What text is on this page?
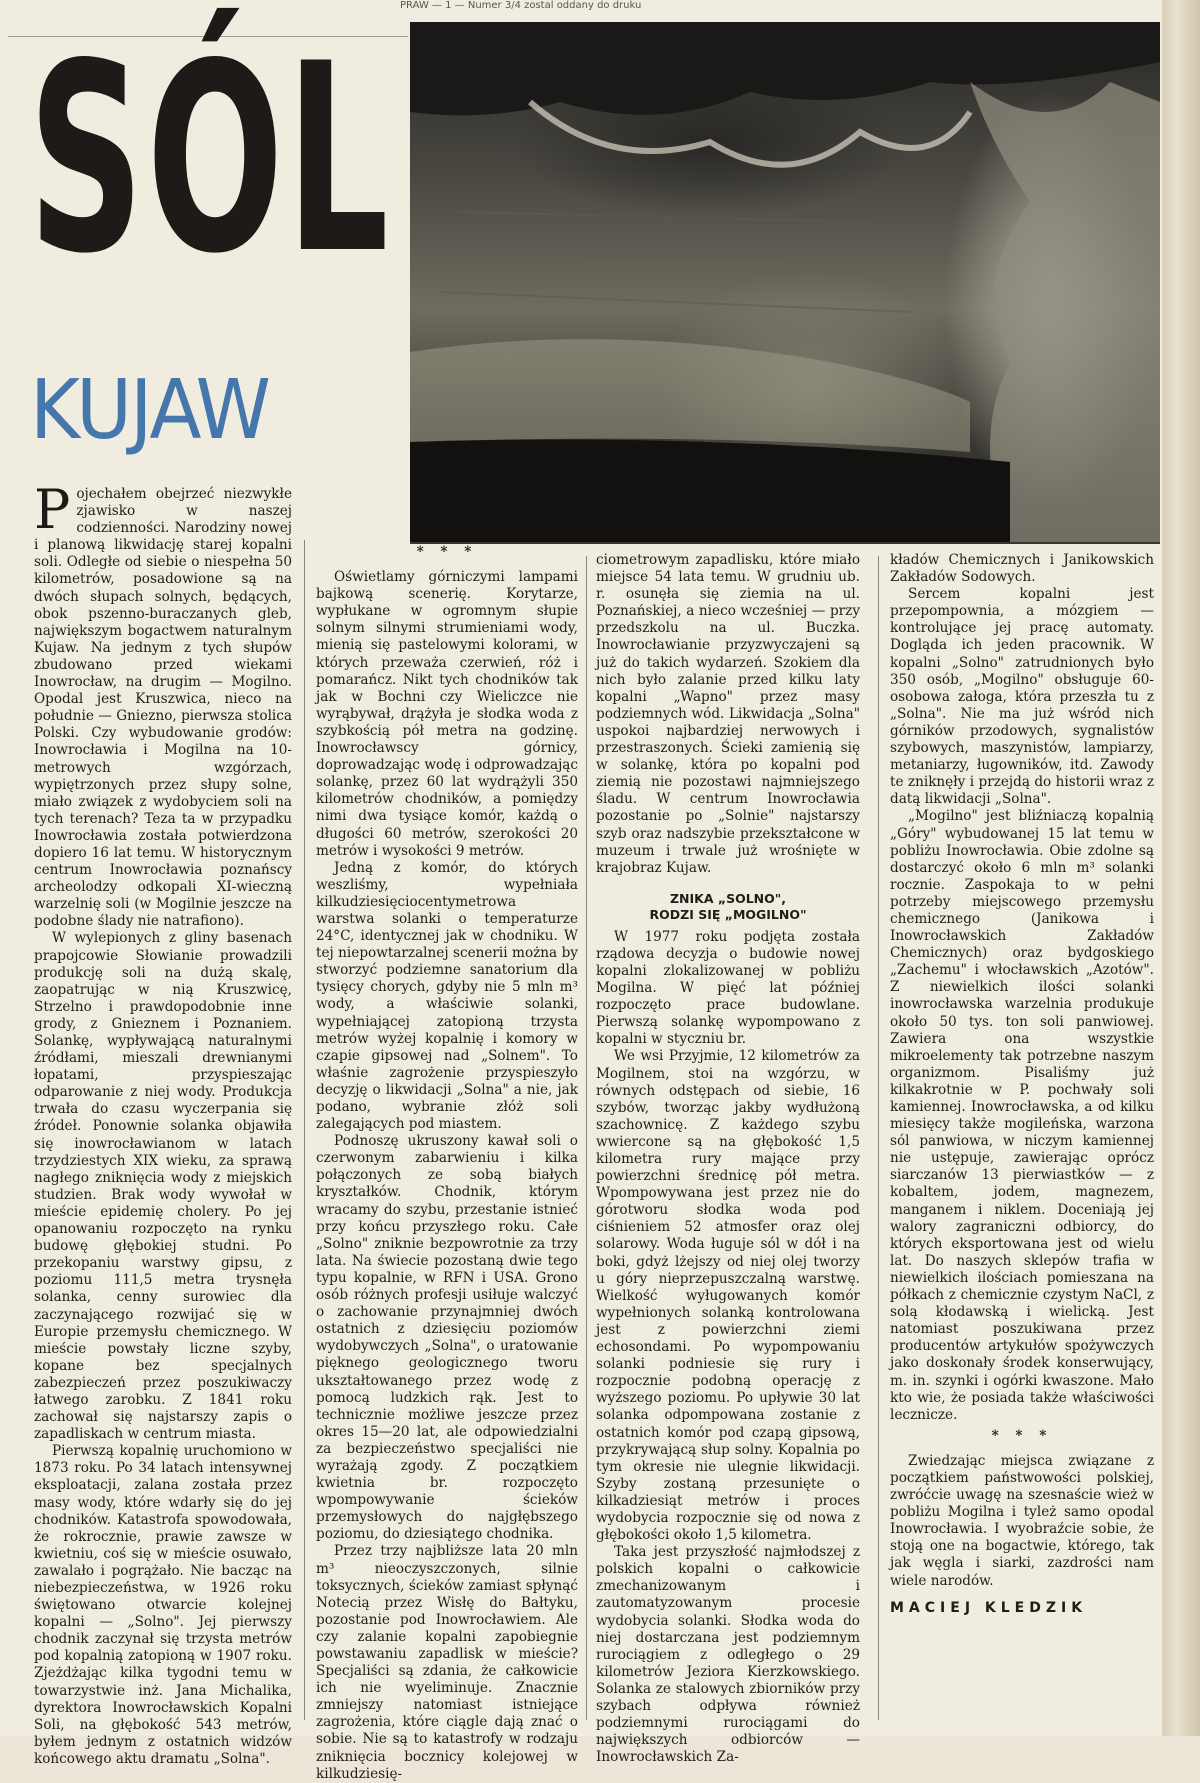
PRAW — 1 — Numer 3/4 zostal oddany do druku
SÓL
KUJAW

Pojechałem obejrzeć niezwykłe zjawisko w naszej codzienności. Narodziny nowej i planową likwidację starej kopalni soli. Odległe od siebie o niespełna 50 kilometrów, posadowione są na dwóch słupach solnych, będących, obok pszenno-buraczanych gleb, największym bogactwem naturalnym Kujaw. Na jednym z tych słupów zbudowano przed wiekami Inowrocław, na drugim — Mogilno. Opodal jest Kruszwica, nieco na południe — Gniezno, pierwsza stolica Polski. Czy wybudowanie grodów: Inowrocławia i Mogilna na 10-metrowych wzgórzach, wypiętrzonych przez słupy solne, miało związek z wydobyciem soli na tych terenach? Teza ta w przypadku Inowrocławia została potwierdzona dopiero 16 lat temu. W historycznym centrum Inowrocławia poznańscy archeolodzy odkopali XI-wieczną warzelnię soli (w Mogilnie jeszcze na podobne ślady nie natrafiono).

W wylepionych z gliny basenach prapojcowie Słowianie prowadzili produkcję soli na dużą skalę, zaopatrując w nią Kruszwicę, Strzelno i prawdopodobnie inne grody, z Gnieznem i Poznaniem. Solankę, wypływającą naturalnymi źródłami, mieszali drewnianymi łopatami, przyspieszając odparowanie z niej wody. Produkcja trwała do czasu wyczerpania się źródeł. Ponownie solanka objawiła się inowrocławianom w latach trzydziestych XIX wieku, za sprawą nagłego zniknięcia wody z miejskich studzien. Brak wody wywołał w mieście epidemię cholery. Po jej opanowaniu rozpoczęto na rynku budowę głębokiej studni. Po przekopaniu warstwy gipsu, z poziomu 111,5 metra trysnęła solanka, cenny surowiec dla zaczynającego rozwijać się w Europie przemysłu chemicznego. W mieście powstały liczne szyby, kopane bez specjalnych zabezpieczeń przez poszukiwaczy łatwego zarobku. Z 1841 roku zachował się najstarszy zapis o zapadliskach w centrum miasta.

Pierwszą kopalnię uruchomiono w 1873 roku. Po 34 latach intensywnej eksploatacji, zalana została przez masy wody, które wdarły się do jej chodników. Katastrofa spowodowała, że rokrocznie, prawie zawsze w kwietniu, coś się w mieście osuwało, zawalało i pogrążało. Nie bacząc na niebezpieczeństwa, w 1926 roku świętowano otwarcie kolejnej kopalni — „Solno". Jej pierwszy chodnik zaczynał się trzysta metrów pod kopalnią zatopioną w 1907 roku. Zjeżdżając kilka tygodni temu w towarzystwie inż. Jana Michalika, dyrektora Inowrocławskich Kopalni Soli, na głębokość 543 metrów, byłem jednym z ostatnich widzów końcowego aktu dramatu „Solna".

* * *

Oświetlamy górniczymi lampami bajkową scenerię. Korytarze, wypłukane w ogromnym słupie solnym silnymi strumieniami wody, mienią się pastelowymi kolorami, w których przeważa czerwień, róż i pomarańcz. Nikt tych chodników tak jak w Bochni czy Wieliczce nie wyrąbywał, drążyła je słodka woda z szybkością pół metra na godzinę. Inowrocławscy górnicy, doprowadzając wodę i odprowadzając solankę, przez 60 lat wydrążyli 350 kilometrów chodników, a pomiędzy nimi dwa tysiące komór, każdą o długości 60 metrów, szerokości 20 metrów i wysokości 9 metrów.

Jedną z komór, do których weszliśmy, wypełniała kilkudziesięciocentymetrowa warstwa solanki o temperaturze 24°C, identycznej jak w chodniku. W tej niepowtarzalnej scenerii można by stworzyć podziemne sanatorium dla tysięcy chorych, gdyby nie 5 mln m³ wody, a właściwie solanki, wypełniającej zatopioną trzysta metrów wyżej kopalnię i komory w czapie gipsowej nad „Solnem". To właśnie zagrożenie przyspieszyło decyzję o likwidacji „Solna" a nie, jak podano, wybranie złóż soli zalegających pod miastem.

Podnoszę ukruszony kawał soli o czerwonym zabarwieniu i kilka połączonych ze sobą białych kryształków. Chodnik, którym wracamy do szybu, przestanie istnieć przy końcu przyszłego roku. Całe „Solno" zniknie bezpowrotnie za trzy lata. Na świecie pozostaną dwie tego typu kopalnie, w RFN i USA. Grono osób różnych profesji usiłuje walczyć o zachowanie przynajmniej dwóch ostatnich z dziesięciu poziomów wydobywczych „Solna", o uratowanie pięknego geologicznego tworu ukształtowanego przez wodę z pomocą ludzkich rąk. Jest to technicznie możliwe jeszcze przez okres 15—20 lat, ale odpowiedzialni za bezpieczeństwo specjaliści nie wyrażają zgody. Z początkiem kwietnia br. rozpoczęto wpompowywanie ścieków przemysłowych do najgłębszego poziomu, do dziesiątego chodnika.

Przez trzy najbliższe lata 20 mln m³ nieoczyszczonych, silnie toksycznych, ścieków zamiast spłynąć Notecią przez Wisłę do Bałtyku, pozostanie pod Inowrocławiem. Ale czy zalanie kopalni zapobiegnie powstawaniu zapadlisk w mieście? Specjaliści są zdania, że całkowicie ich nie wyeliminuje. Znacznie zmniejszy natomiast istniejące zagrożenia, które ciągle dają znać o sobie. Nie są to katastrofy w rodzaju zniknięcia bocznicy kolejowej w kilkudziesię-

ciometrowym zapadlisku, które miało miejsce 54 lata temu. W grudniu ub. r. osunęła się ziemia na ul. Poznańskiej, a nieco wcześniej — przy przedszkolu na ul. Buczka. Inowrocławianie przyzwyczajeni są już do takich wydarzeń. Szokiem dla nich było zalanie przed kilku laty kopalni „Wapno" przez masy podziemnych wód. Likwidacja „Solna" uspokoi najbardziej nerwowych i przestraszonych. Ścieki zamienią się w solankę, która po kopalni pod ziemią nie pozostawi najmniejszego śladu. W centrum Inowrocławia pozostanie po „Solnie" najstarszy szyb oraz nadszybie przekształcone w muzeum i trwale już wrośnięte w krajobraz Kujaw.

ZNIKA „SOLNO",
RODZI SIĘ „MOGILNO"

W 1977 roku podjęta została rządowa decyzja o budowie nowej kopalni zlokalizowanej w pobliżu Mogilna. W pięć lat później rozpoczęto prace budowlane. Pierwszą solankę wypompowano z kopalni w styczniu br.

We wsi Przyjmie, 12 kilometrów za Mogilnem, stoi na wzgórzu, w równych odstępach od siebie, 16 szybów, tworząc jakby wydłużoną szachownicę. Z każdego szybu wwiercone są na głębokość 1,5 kilometra rury mające przy powierzchni średnicę pół metra. Wpompowywana jest przez nie do górotworu słodka woda pod ciśnieniem 52 atmosfer oraz olej solarowy. Woda ługuje sól w dół i na boki, gdyż lżejszy od niej olej tworzy u góry nieprzepuszczalną warstwę. Wielkość wyługowanych komór wypełnionych solanką kontrolowana jest z powierzchni ziemi echosondami. Po wypompowaniu solanki podniesie się rury i rozpocznie podobną operację z wyższego poziomu. Po upływie 30 lat solanka odpompowana zostanie z ostatnich komór pod czapą gipsową, przykrywającą słup solny. Kopalnia po tym okresie nie ulegnie likwidacji. Szyby zostaną przesunięte o kilkadziesiąt metrów i proces wydobycia rozpocznie się od nowa z głębokości około 1,5 kilometra.

Taka jest przyszłość najmłodszej z polskich kopalni o całkowicie zmechanizowanym i zautomatyzowanym procesie wydobycia solanki. Słodka woda do niej dostarczana jest podziemnym rurociągiem z odległego o 29 kilometrów Jeziora Kierzkowskiego. Solanka ze stalowych zbiorników przy szybach odpływa również podziemnymi rurociągami do największych odbiorców — Inowrocławskich Za-

kładów Chemicznych i Janikowskich Zakładów Sodowych.

Sercem kopalni jest przepompownia, a mózgiem — kontrolujące jej pracę automaty. Dogląda ich jeden pracownik. W kopalni „Solno" zatrudnionych było 350 osób, „Mogilno" obsługuje 60-osobowa załoga, która przeszła tu z „Solna". Nie ma już wśród nich górników przodowych, sygnalistów szybowych, maszynistów, lampiarzy, metaniarzy, ługowników, itd. Zawody te zniknęły i przejdą do historii wraz z datą likwidacji „Solna".

„Mogilno" jest bliźniaczą kopalnią „Góry" wybudowanej 15 lat temu w pobliżu Inowrocławia. Obie zdolne są dostarczyć około 6 mln m³ solanki rocznie. Zaspokaja to w pełni potrzeby miejscowego przemysłu chemicznego (Janikowa i Inowrocławskich Zakładów Chemicznych) oraz bydgoskiego „Zachemu" i włocławskich „Azotów". Z niewielkich ilości solanki inowrocławska warzelnia produkuje około 50 tys. ton soli panwiowej. Zawiera ona wszystkie mikroelementy tak potrzebne naszym organizmom. Pisaliśmy już kilkakrotnie w P. pochwały soli kamiennej. Inowrocławska, a od kilku miesięcy także mogileńska, warzona sól panwiowa, w niczym kamiennej nie ustępuje, zawierając oprócz siarczanów 13 pierwiastków — z kobaltem, jodem, magnezem, manganem i niklem. Doceniają jej walory zagraniczni odbiorcy, do których eksportowana jest od wielu lat. Do naszych sklepów trafia w niewielkich ilościach pomieszana na półkach z chemicznie czystym NaCl, z solą kłodawską i wielicką. Jest natomiast poszukiwana przez producentów artykułów spożywczych jako doskonały środek konserwujący, m. in. szynki i ogórki kwaszone. Mało kto wie, że posiada także właściwości lecznicze.

* * *

Zwiedzając miejsca związane z początkiem państwowości polskiej, zwróćcie uwagę na szesnaście wież w pobliżu Mogilna i tyleż samo opodal Inowrocławia. I wyobraźcie sobie, że stoją one na bogactwie, którego, tak jak węgla i siarki, zazdrości nam wiele narodów.

MACIEJ KLEDZIK
